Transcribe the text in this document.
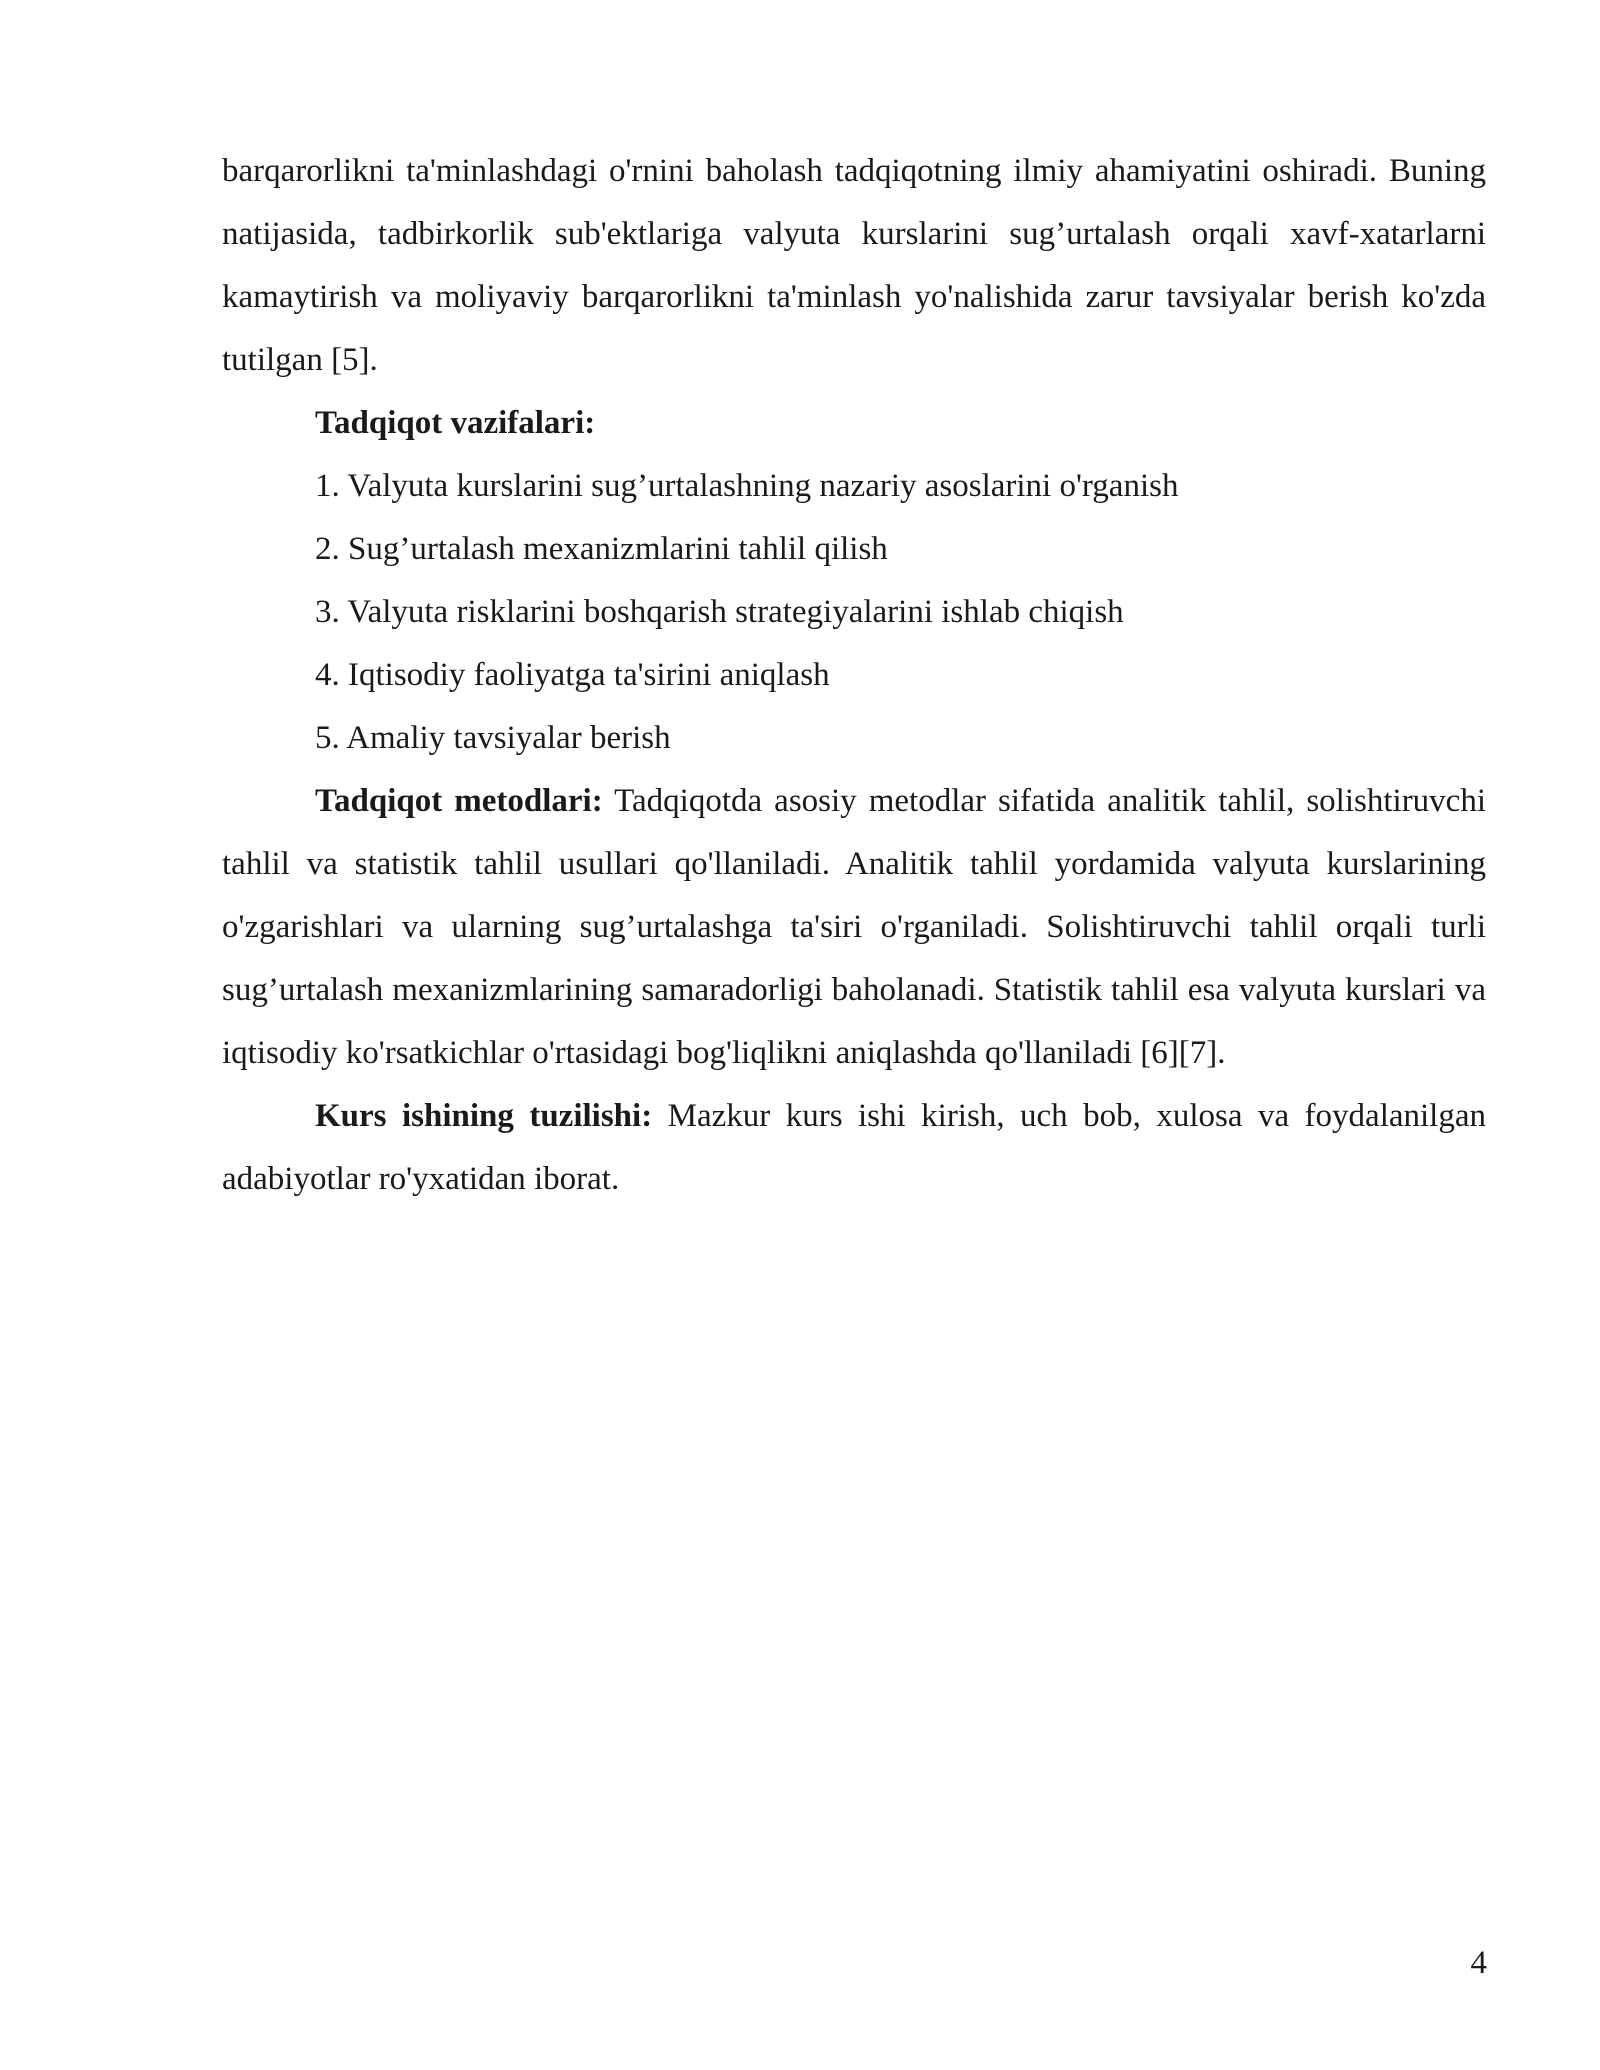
barqarorlikni ta'minlashdagi o'rnini baholash tadqiqotning ilmiy ahamiyatini oshiradi. Buning natijasida, tadbirkorlik sub'ektlariga valyuta kurslarini sug’urtalash orqali xavf-xatarlarni kamaytirish va moliyaviy barqarorlikni ta'minlash yo'nalishida zarur tavsiyalar berish ko'zda tutilgan [5].

Tadqiqot vazifalari:

1. Valyuta kurslarini sug’urtalashning nazariy asoslarini o'rganish
2. Sug’urtalash mexanizmlarini tahlil qilish
3. Valyuta risklarini boshqarish strategiyalarini ishlab chiqish
4. Iqtisodiy faoliyatga ta'sirini aniqlash
5. Amaliy tavsiyalar berish

Tadqiqot metodlari: Tadqiqotda asosiy metodlar sifatida analitik tahlil, solishtiruvchi tahlil va statistik tahlil usullari qo'llaniladi. Analitik tahlil yordamida valyuta kurslarining o'zgarishlari va ularning sug’urtalashga ta'siri o'rganiladi. Solishtiruvchi tahlil orqali turli sug’urtalash mexanizmlarining samaradorligi baholanadi. Statistik tahlil esa valyuta kurslari va iqtisodiy ko'rsatkichlar o'rtasidagi bog'liqlikni aniqlashda qo'llaniladi [6][7].

Kurs ishining tuzilishi: Mazkur kurs ishi kirish, uch bob, xulosa va foydalanilgan adabiyotlar ro'yxatidan iborat.

4
